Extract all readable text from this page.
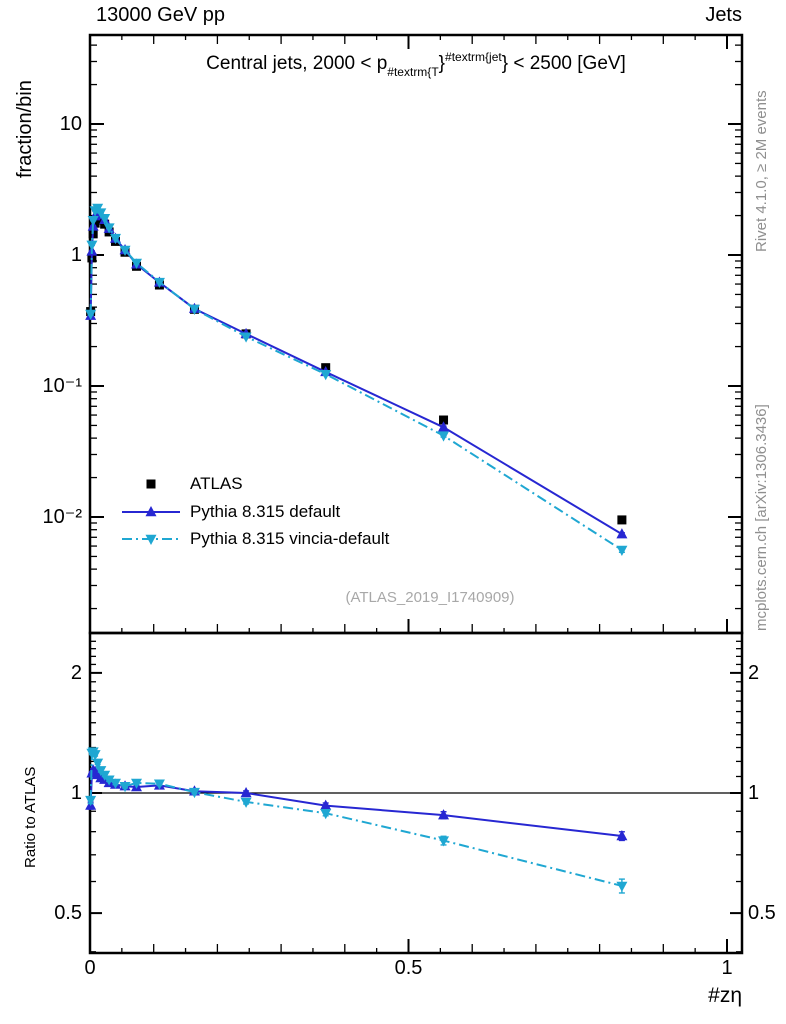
13000 GeV pp	Jets
Central jets, $2000 < p_{\#textrm\{T}\}^{\#textrm\{jet}\} < 2500$ [GeV]
fraction/bin
Ratio to ATLAS
10
1
10⁻¹
10⁻²
2
1
0.5
2
1
0.5
0	0.5	1
#zη
ATLAS
Pythia 8.315 default
Pythia 8.315 vincia-default
(ATLAS_2019_I1740909)
Rivet 4.1.0, ≥ 2M events
mcplots.cern.ch [arXiv:1306.3436]
